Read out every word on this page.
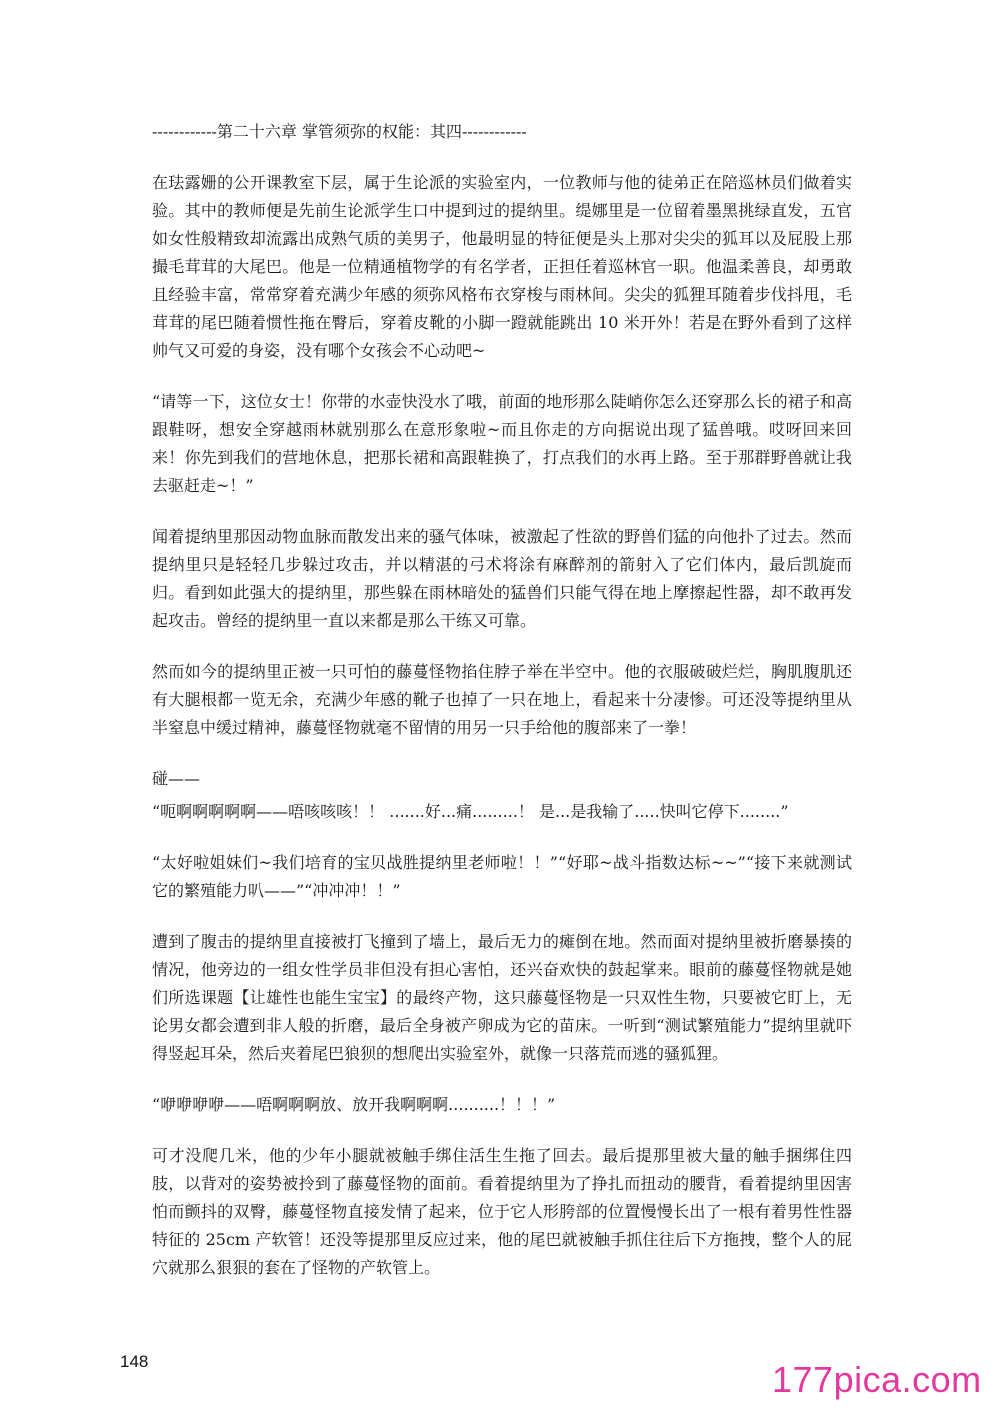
------------第二十六章 掌管须弥的权能：其四------------

在珐露姗的公开课教室下层，属于生论派的实验室内，一位教师与他的徒弟正在陪巡林员们做着实验。其中的教师便是先前生论派学生口中提到过的提纳里。缇娜里是一位留着墨黑挑绿直发，五官如女性般精致却流露出成熟气质的美男子，他最明显的特征便是头上那对尖尖的狐耳以及屁股上那撮毛茸茸的大尾巴。他是一位精通植物学的有名学者，正担任着巡林官一职。他温柔善良，却勇敢且经验丰富，常常穿着充满少年感的须弥风格布衣穿梭与雨林间。尖尖的狐狸耳随着步伐抖甩，毛茸茸的尾巴随着惯性拖在臀后，穿着皮靴的小脚一蹬就能跳出 10 米开外！若是在野外看到了这样帅气又可爱的身姿，没有哪个女孩会不心动吧~

“请等一下，这位女士！你带的水壶快没水了哦，前面的地形那么陡峭你怎么还穿那么长的裙子和高跟鞋呀，想安全穿越雨林就别那么在意形象啦~而且你走的方向据说出现了猛兽哦。哎呀回来回来！你先到我们的营地休息，把那长裙和高跟鞋换了，打点我们的水再上路。至于那群野兽就让我去驱赶走~！”

闻着提纳里那因动物血脉而散发出来的骚气体味，被激起了性欲的野兽们猛的向他扑了过去。然而提纳里只是轻轻几步躲过攻击，并以精湛的弓术将涂有麻醉剂的箭射入了它们体内，最后凯旋而归。看到如此强大的提纳里，那些躲在雨林暗处的猛兽们只能气得在地上摩擦起性器，却不敢再发起攻击。曾经的提纳里一直以来都是那么干练又可靠。

然而如今的提纳里正被一只可怕的藤蔓怪物掐住脖子举在半空中。他的衣服破破烂烂，胸肌腹肌还有大腿根都一览无余，充满少年感的靴子也掉了一只在地上，看起来十分凄惨。可还没等提纳里从半窒息中缓过精神，藤蔓怪物就毫不留情的用另一只手给他的腹部来了一拳！

碰——

“呃啊啊啊啊啊——唔咳咳咳！！ .......好...痛.........！ 是...是我输了.....快叫它停下........”

“太好啦姐妹们~我们培育的宝贝战胜提纳里老师啦！！”“好耶~战斗指数达标~~”“接下来就测试它的繁殖能力叭——”“冲冲冲！！”

遭到了腹击的提纳里直接被打飞撞到了墙上，最后无力的瘫倒在地。然而面对提纳里被折磨暴揍的情况，他旁边的一组女性学员非但没有担心害怕，还兴奋欢快的鼓起掌来。眼前的藤蔓怪物就是她们所选课题【让雄性也能生宝宝】的最终产物，这只藤蔓怪物是一只双性生物，只要被它盯上，无论男女都会遭到非人般的折磨，最后全身被产卵成为它的苗床。一听到“测试繁殖能力”提纳里就吓得竖起耳朵，然后夹着尾巴狼狈的想爬出实验室外，就像一只落荒而逃的骚狐狸。

“咿咿咿咿——唔啊啊啊放、放开我啊啊啊..........！！！”

可才没爬几米，他的少年小腿就被触手绑住活生生拖了回去。最后提那里被大量的触手捆绑住四肢，以背对的姿势被拎到了藤蔓怪物的面前。看着提纳里为了挣扎而扭动的腰背，看着提纳里因害怕而颤抖的双臀，藤蔓怪物直接发情了起来，位于它人形胯部的位置慢慢长出了一根有着男性性器特征的 25cm 产软管！还没等提那里反应过来，他的尾巴就被触手抓住往后下方拖拽，整个人的屁穴就那么狠狠的套在了怪物的产软管上。

148	177pica.com
